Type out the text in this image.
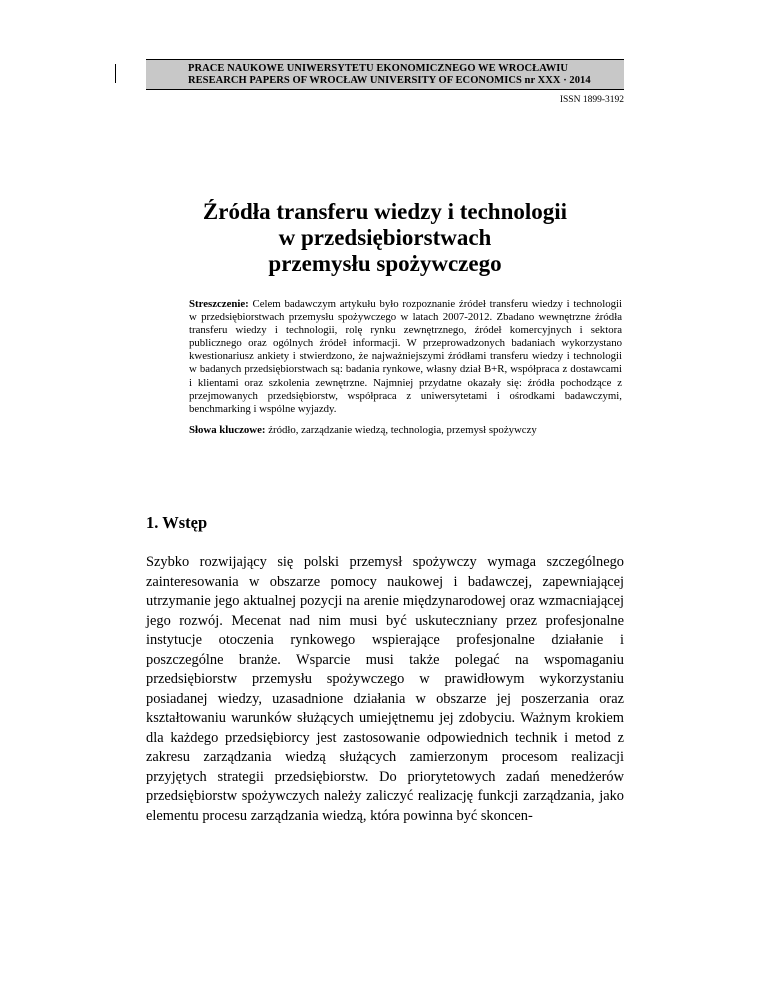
PRACE NAUKOWE UNIWERSYTETU EKONOMICZNEGO WE WROCŁAWIU
RESEARCH PAPERS OF WROCŁAW UNIVERSITY OF ECONOMICS nr XXX · 2014
ISSN 1899-3192
Źródła transferu wiedzy i technologii
w przedsiębiorstwach
przemysłu spożywczego
Streszczenie: Celem badawczym artykułu było rozpoznanie źródeł transferu wiedzy i technologii w przedsiębiorstwach przemysłu spożywczego w latach 2007-2012. Zbadano wewnętrzne źródła transferu wiedzy i technologii, rolę rynku zewnętrznego, źródeł komercyjnych i sektora publicznego oraz ogólnych źródeł informacji. W przeprowadzonych badaniach wykorzystano kwestionariusz ankiety i stwierdzono, że najważniejszymi źródłami transferu wiedzy i technologii w badanych przedsiębiorstwach są: badania rynkowe, własny dział B+R, współpraca z dostawcami i klientami oraz szkolenia zewnętrzne. Najmniej przydatne okazały się: źródła pochodzące z przejmowanych przedsiębiorstw, współpraca z uniwersytetami i ośrodkami badawczymi, benchmarking i wspólne wyjazdy.
Słowa kluczowe: źródło, zarządzanie wiedzą, technologia, przemysł spożywczy
1. Wstęp
Szybko rozwijający się polski przemysł spożywczy wymaga szczególnego zainteresowania w obszarze pomocy naukowej i badawczej, zapewniającej utrzymanie jego aktualnej pozycji na arenie międzynarodowej oraz wzmacniającej jego rozwój. Mecenat nad nim musi być uskuteczniany przez profesjonalne instytucje otoczenia rynkowego wspierające profesjonalne działanie i poszczególne branże. Wsparcie musi także polegać na wspomaganiu przedsiębiorstw przemysłu spożywczego w prawidłowym wykorzystaniu posiadanej wiedzy, uzasadnione działania w obszarze jej poszerzania oraz kształtowaniu warunków służących umiejętnemu jej zdobyciu. Ważnym krokiem dla każdego przedsiębiorcy jest zastosowanie odpowiednich technik i metod z zakresu zarządzania wiedzą służących zamierzonym procesom realizacji przyjętych strategii przedsiębiorstw. Do priorytetowych zadań menedżerów przedsiębiorstw spożywczych należy zaliczyć realizację funkcji zarządzania, jako elementu procesu zarządzania wiedzą, która powinna być skoncen-
